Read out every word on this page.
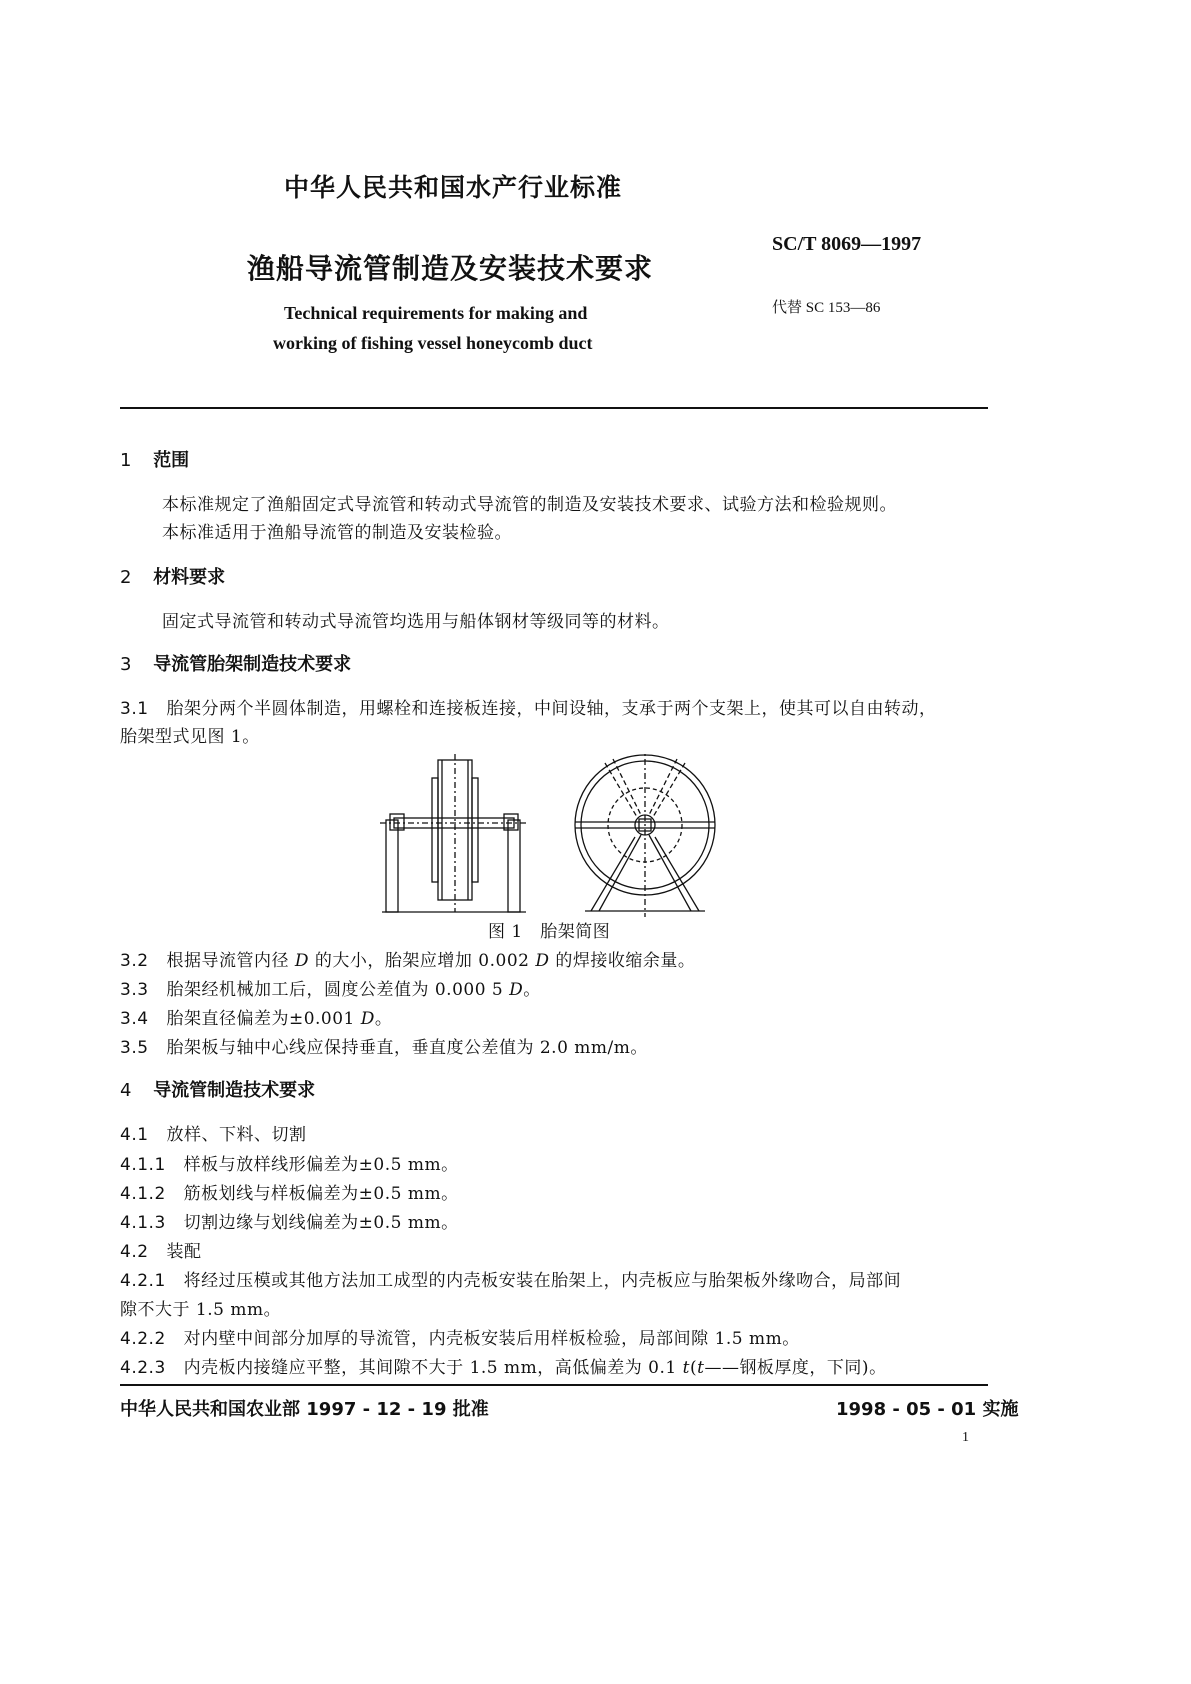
中华人民共和国水产行业标准
渔船导流管制造及安装技术要求
SC/T 8069—1997
代替 SC 153—86
Technical requirements for making and
working of fishing vessel honeycomb duct
1 范围
本标准规定了渔船固定式导流管和转动式导流管的制造及安装技术要求、试验方法和检验规则。
本标准适用于渔船导流管的制造及安装检验。
2 材料要求
固定式导流管和转动式导流管均选用与船体钢材等级同等的材料。
3 导流管胎架制造技术要求
3.1 胎架分两个半圆体制造，用螺栓和连接板连接，中间设轴，支承于两个支架上，使其可以自由转动，
胎架型式见图 1。
图 1　胎架简图
3.2 根据导流管内径 D 的大小，胎架应增加 0.002 D 的焊接收缩余量。
3.3 胎架经机械加工后，圆度公差值为 0.000 5 D。
3.4 胎架直径偏差为±0.001 D。
3.5 胎架板与轴中心线应保持垂直，垂直度公差值为 2.0 mm/m。
4 导流管制造技术要求
4.1 放样、下料、切割
4.1.1 样板与放样线形偏差为±0.5 mm。
4.1.2 筋板划线与样板偏差为±0.5 mm。
4.1.3 切割边缘与划线偏差为±0.5 mm。
4.2 装配
4.2.1 将经过压模或其他方法加工成型的内壳板安装在胎架上，内壳板应与胎架板外缘吻合，局部间
隙不大于 1.5 mm。
4.2.2 对内壁中间部分加厚的导流管，内壳板安装后用样板检验，局部间隙 1.5 mm。
4.2.3 内壳板内接缝应平整，其间隙不大于 1.5 mm，高低偏差为 0.1 t(t——钢板厚度，下同)。
中华人民共和国农业部 1997 - 12 - 19 批准	1998 - 05 - 01 实施
1
